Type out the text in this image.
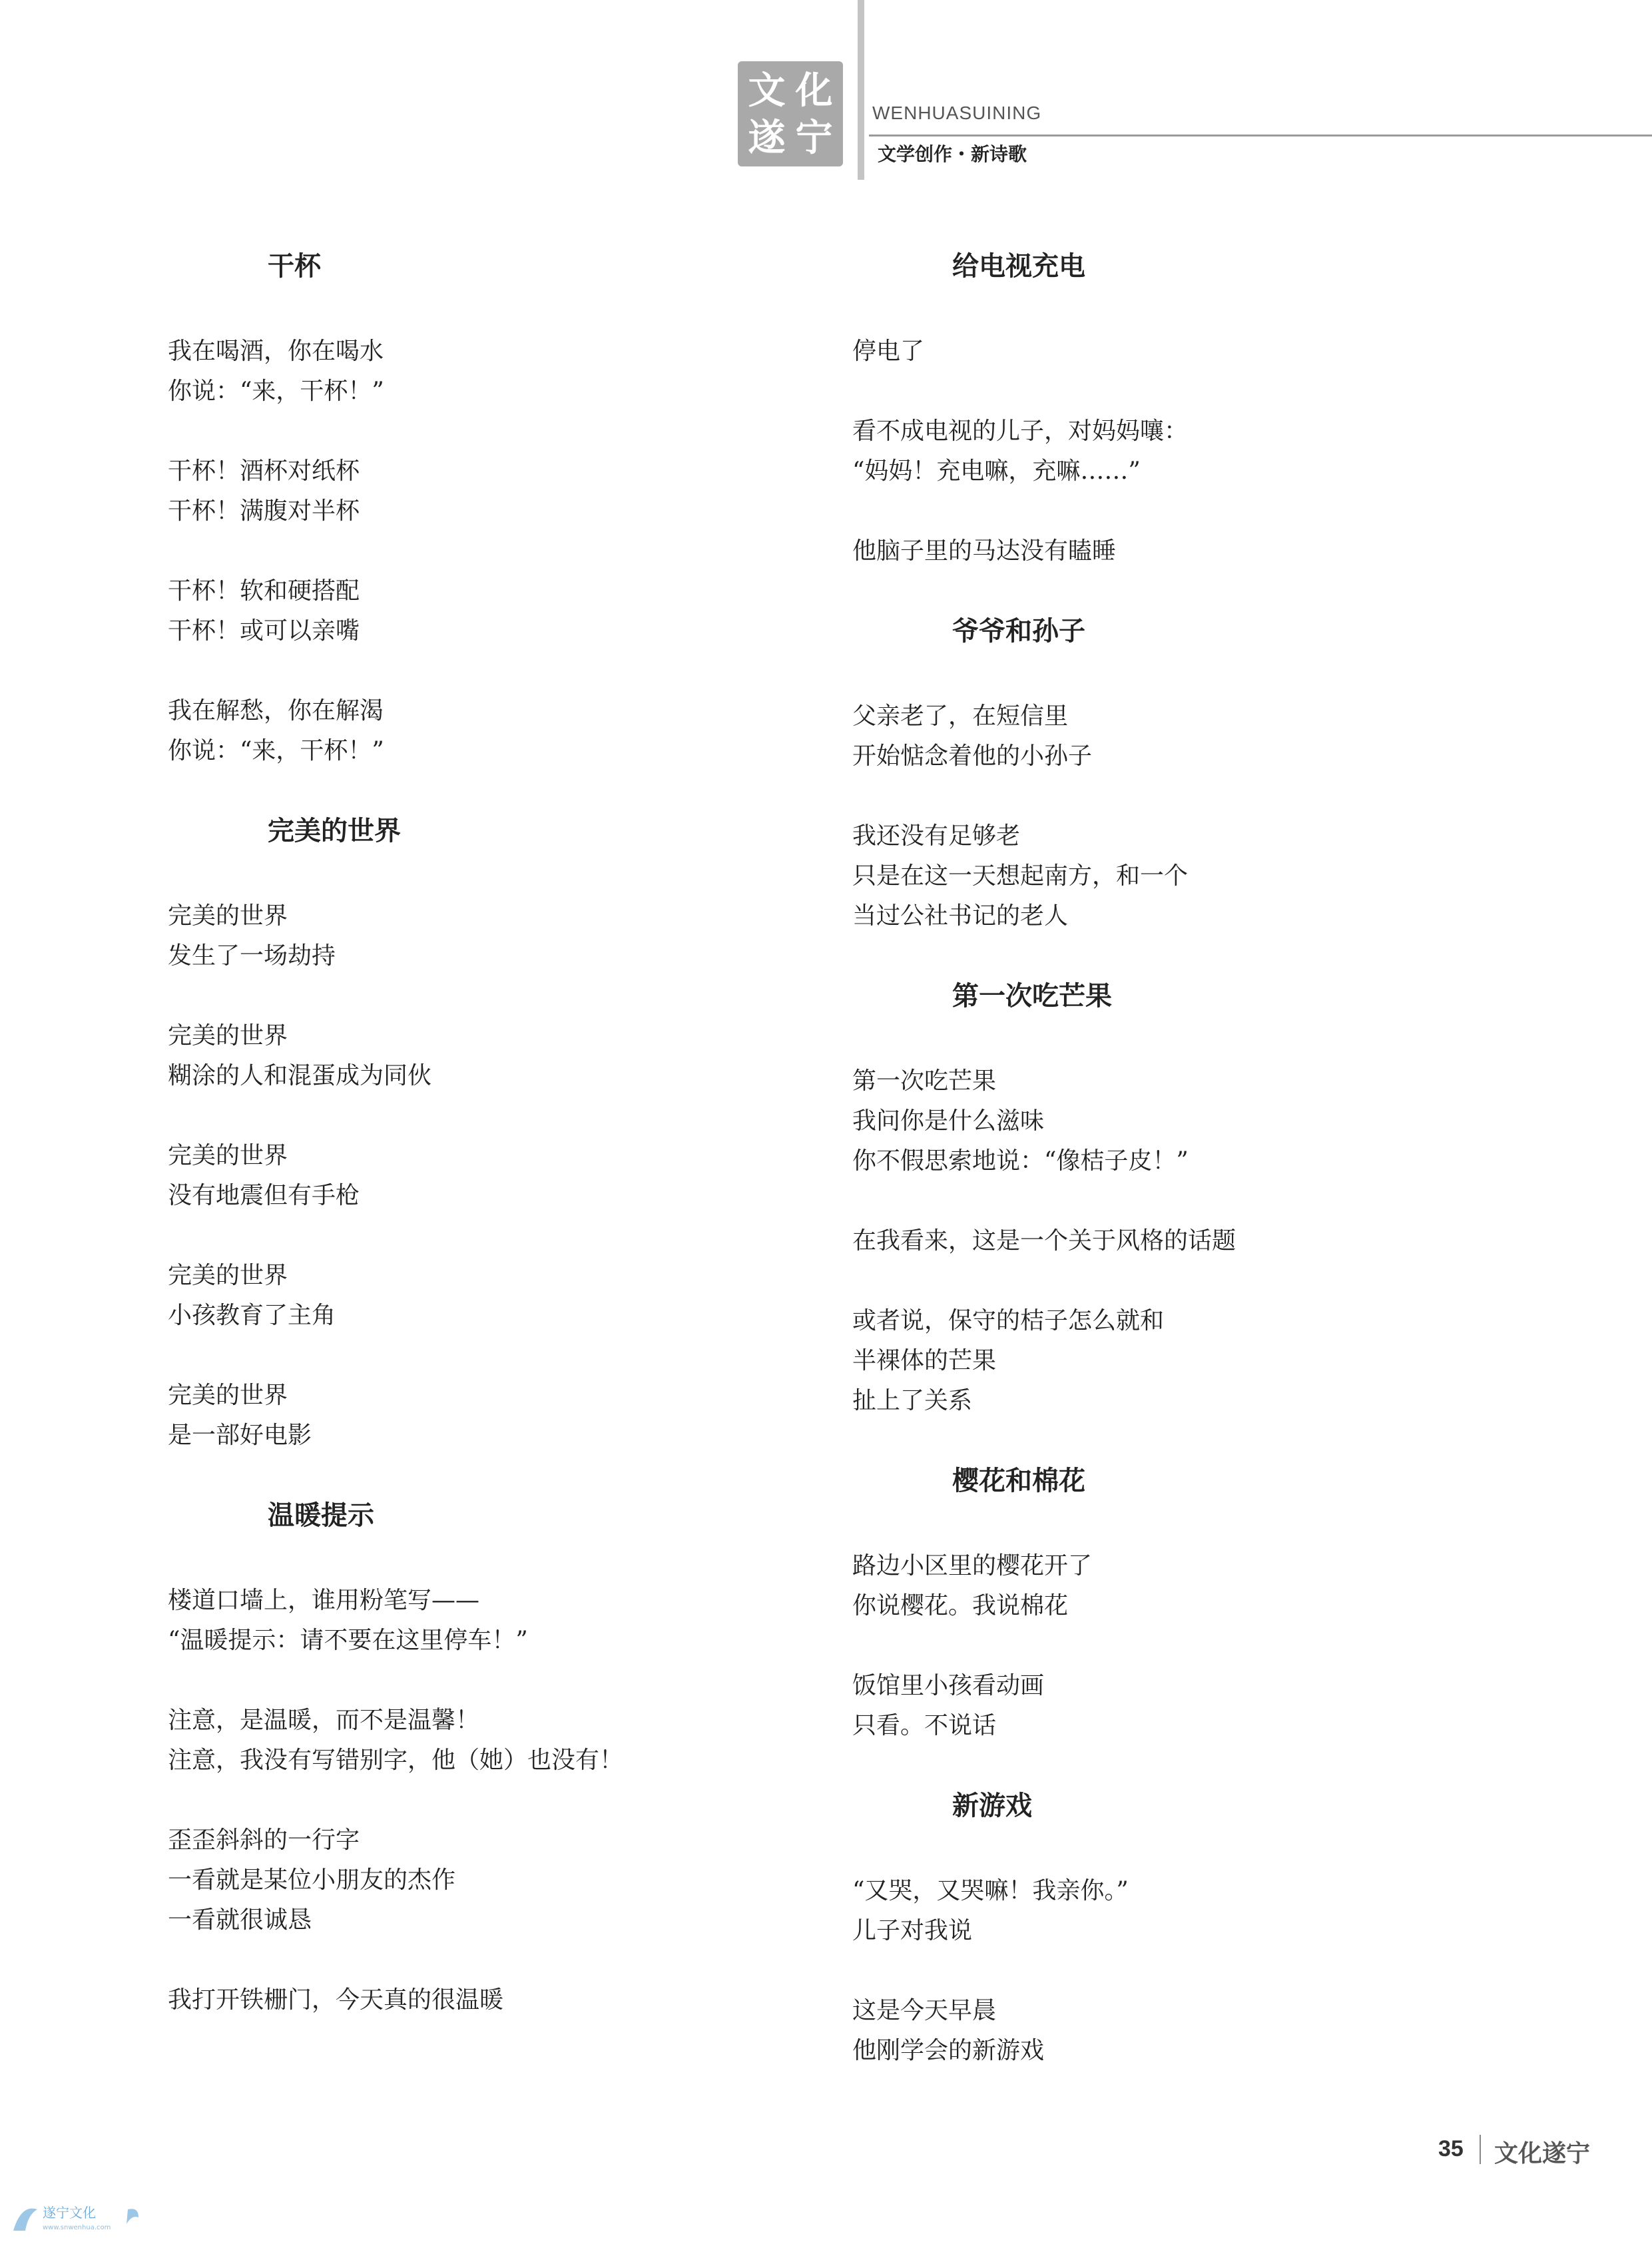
文 化
遂 宁
WENHUASUINING
文学创作・新诗歌
干杯
我在喝酒，你在喝水
你说：“来，干杯！”
干杯！酒杯对纸杯
干杯！满腹对半杯
干杯！软和硬搭配
干杯！或可以亲嘴
我在解愁，你在解渴
你说：“来，干杯！”
完美的世界
完美的世界
发生了一场劫持
完美的世界
糊涂的人和混蛋成为同伙
完美的世界
没有地震但有手枪
完美的世界
小孩教育了主角
完美的世界
是一部好电影
温暖提示
楼道口墙上，谁用粉笔写——
“温暖提示：请不要在这里停车！”
注意，是温暖，而不是温馨！
注意，我没有写错别字，他（她）也没有！
歪歪斜斜的一行字
一看就是某位小朋友的杰作
一看就很诚恳
我打开铁栅门，今天真的很温暖
给电视充电
停电了
看不成电视的儿子，对妈妈嚷：
“妈妈！充电嘛，充嘛……”
他脑子里的马达没有瞌睡
爷爷和孙子
父亲老了，在短信里
开始惦念着他的小孙子
我还没有足够老
只是在这一天想起南方，和一个
当过公社书记的老人
第一次吃芒果
第一次吃芒果
我问你是什么滋味
你不假思索地说：“像桔子皮！”
在我看来，这是一个关于风格的话题
或者说，保守的桔子怎么就和
半裸体的芒果
扯上了关系
樱花和棉花
路边小区里的樱花开了
你说樱花。我说棉花
饭馆里小孩看动画
只看。不说话
新游戏
“又哭，又哭嘛！我亲你。”
儿子对我说
这是今天早晨
他刚学会的新游戏
35 文化遂宁
遂宁文化
www.snwenhua.com
